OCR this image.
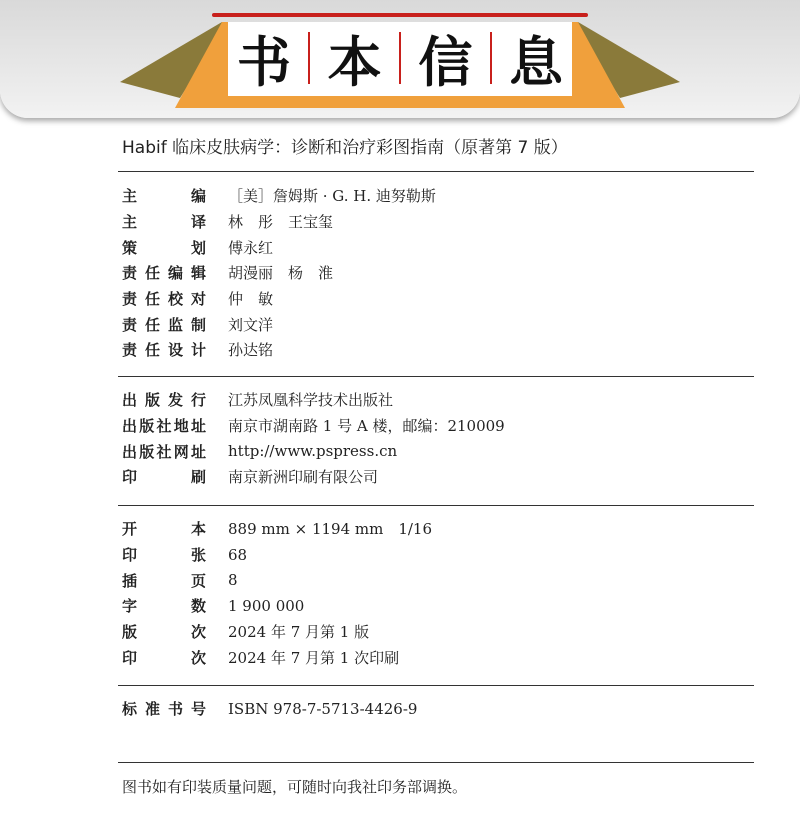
书 本 信 息
Habif 临床皮肤病学：诊断和治疗彩图指南（原著第 7 版）
主	编 ［美］詹姆斯 · G. H. 迪努勒斯
主	译 林　彤　王宝玺
策	划 傅永红
责 任 编 辑 胡漫丽　杨　淮
责 任 校 对 仲　敏
责 任 监 制 刘文洋
责 任 设 计 孙达铭
出 版 发 行 江苏凤凰科学技术出版社
出 版 社 地 址 南京市湖南路 1 号 A 楼，邮编：210009
出 版 社 网 址 http://www.pspress.cn
印	刷 南京新洲印刷有限公司
开	本 889 mm × 1194 mm　1/16
印	张 68
插	页 8
字	数 1 900 000
版	次 2024 年 7 月第 1 版
印	次 2024 年 7 月第 1 次印刷
标 准 书 号 ISBN 978-7-5713-4426-9
图书如有印装质量问题，可随时向我社印务部调换。
